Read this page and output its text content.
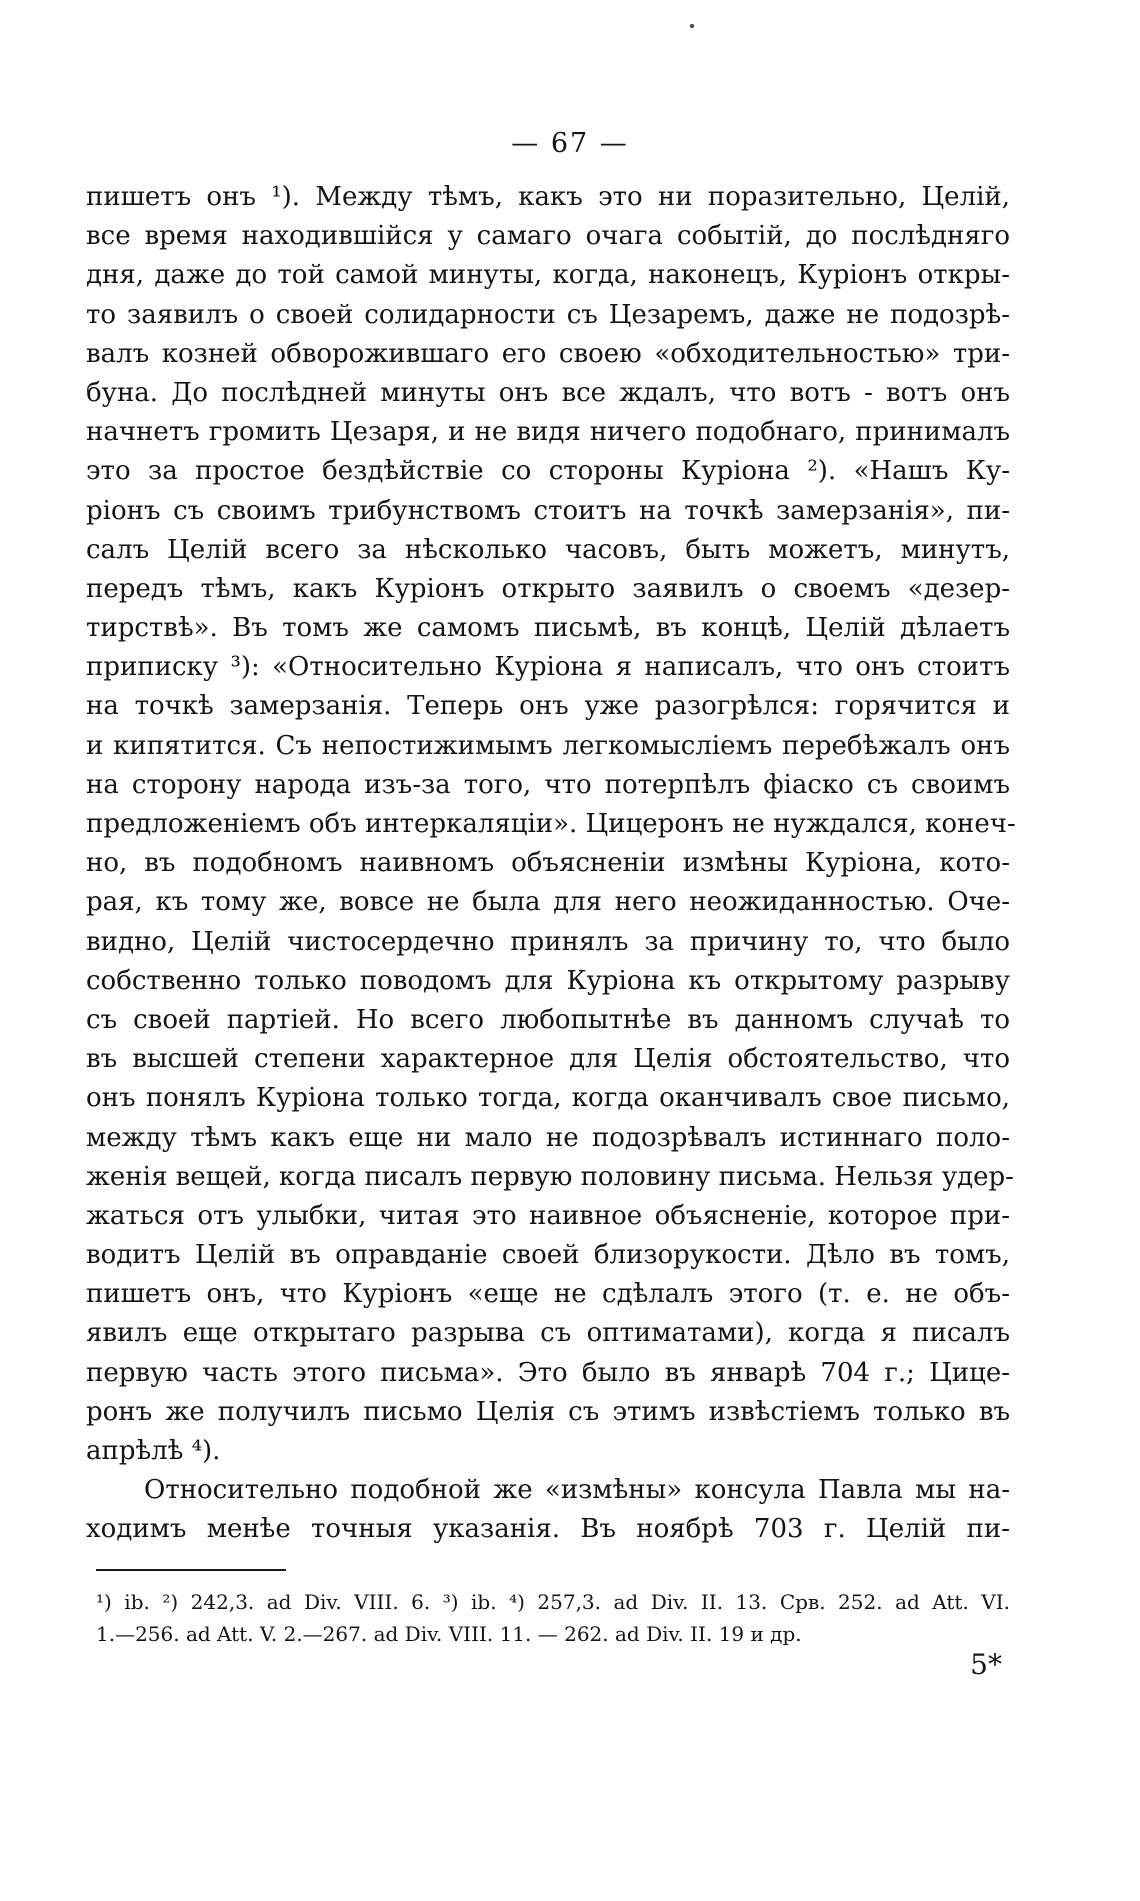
— 67 —
пишетъ онъ ¹). Между тѣмъ, какъ это ни поразительно, Целій,
все время находившійся у самаго очага событій, до послѣдняго
дня, даже до той самой минуты, когда, наконецъ, Куріонъ откры-
то заявилъ о своей солидарности съ Цезаремъ, даже не подозрѣ-
валъ козней обворожившаго его своею «обходительностью» три-
буна. До послѣдней минуты онъ все ждалъ, что вотъ - вотъ онъ
начнетъ громить Цезаря, и не видя ничего подобнаго, принималъ
это за простое бездѣйствіе со стороны Куріона ²). «Нашъ Ку-
ріонъ съ своимъ трибунствомъ стоитъ на точкѣ замерзанія», пи-
салъ Целій всего за нѣсколько часовъ, быть можетъ, минутъ,
передъ тѣмъ, какъ Куріонъ открыто заявилъ о своемъ «дезер-
тирствѣ». Въ томъ же самомъ письмѣ, въ концѣ, Целій дѣлаетъ
приписку ³): «Относительно Куріона я написалъ, что онъ стоитъ
на точкѣ замерзанія. Теперь онъ уже разогрѣлся: горячится и
и кипятится. Съ непостижимымъ легкомысліемъ перебѣжалъ онъ
на сторону народа изъ-за того, что потерпѣлъ фіаско съ своимъ
предложеніемъ объ интеркаляціи». Цицеронъ не нуждался, конеч-
но, въ подобномъ наивномъ объясненіи измѣны Куріона, кото-
рая, къ тому же, вовсе не была для него неожиданностью. Оче-
видно, Целій чистосердечно принялъ за причину то, что было
собственно только поводомъ для Куріона къ открытому разрыву
съ своей партіей. Но всего любопытнѣе въ данномъ случаѣ то
въ высшей степени характерное для Целія обстоятельство, что
онъ понялъ Куріона только тогда, когда оканчивалъ свое письмо,
между тѣмъ какъ еще ни мало не подозрѣвалъ истиннаго поло-
женія вещей, когда писалъ первую половину письма. Нельзя удер-
жаться отъ улыбки, читая это наивное объясненіе, которое при-
водитъ Целій въ оправданіе своей близорукости. Дѣло въ томъ,
пишетъ онъ, что Куріонъ «еще не сдѣлалъ этого (т. е. не объ-
явилъ еще открытаго разрыва съ оптиматами), когда я писалъ
первую часть этого письма». Это было въ январѣ 704 г.; Цице-
ронъ же получилъ письмо Целія съ этимъ извѣстіемъ только въ
апрѣлѣ ⁴).
Относительно подобной же «измѣны» консула Павла мы на-
ходимъ менѣе точныя указанія. Въ ноябрѣ 703 г. Целій пи-
¹) ib. ²) 242,3. ad Div. VIII. 6. ³) ib. ⁴) 257,3. ad Div. II. 13. Срв. 252. ad Att. VI.
1.—256. ad Att. V. 2.—267. ad Div. VIII. 11. — 262. ad Div. II. 19 и др.
5*
